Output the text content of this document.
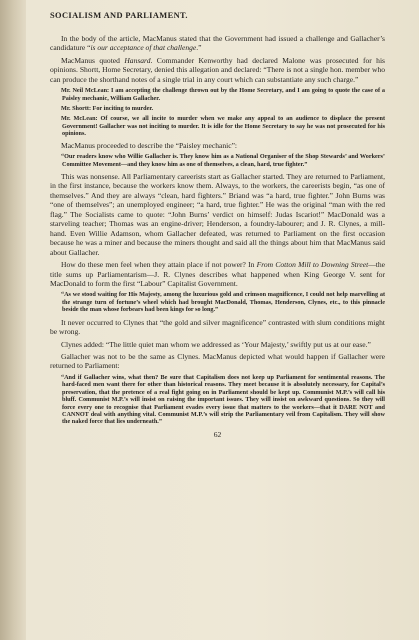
SOCIALISM AND PARLIAMENT.

In the body of the article, MacManus stated that the Government had issued a challenge and Gallacher’s candidature “is our acceptance of that challenge.”

MacManus quoted Hansard. Commander Kenworthy had declared Malone was prosecuted for his opinions. Shortt, Home Secretary, denied this allegation and declared: “There is not a single hon. member who can produce the shorthand notes of a single trial in any court which can substantiate any such charge.”

Mr. Neil McLean: I am accepting the challenge thrown out by the Home Secretary, and I am going to quote the case of a Paisley mechanic, William Gallacher.

Mr. Shortt: For inciting to murder.

Mr. McLean: Of course, we all incite to murder when we make any appeal to an audience to displace the present Government! Gallacher was not inciting to murder. It is idle for the Home Secretary to say he was not prosecuted for his opinions.

MacManus proceeded to describe the “Paisley mechanic”:

“Our readers know who Willie Gallacher is. They know him as a National Organiser of the Shop Stewards’ and Workers’ Committee Movement—and they know him as one of themselves, a clean, hard, true fighter.”

This was nonsense. All Parliamentary careerists start as Gallacher started. They are returned to Parliament, in the first instance, because the workers know them. Always, to the workers, the careerists begin, “as one of themselves.” And they are always “clean, hard fighters.” Briand was “a hard, true fighter.” John Burns was “one of themselves”; an unemployed engineer; “a hard, true fighter.” He was the original “man with the red flag.” The Socialists came to quote: “John Burns’ verdict on himself: Judas Iscariot!” MacDonald was a starveling teacher; Thomas was an engine-driver; Henderson, a foundry-labourer; and J. R. Clynes, a mill-hand. Even Willie Adamson, whom Gallacher defeated, was returned to Parliament on the first occasion because he was a miner and because the miners thought and said all the things about him that MacManus said about Gallacher.

How do these men feel when they attain place if not power? In From Cotton Mill to Downing Street—the title sums up Parliamentarism—J. R. Clynes describes what happened when King George V. sent for MacDonald to form the first “Labour” Capitalist Government.

“As we stood waiting for His Majesty, among the luxurious gold and crimson magnificence, I could not help marvelling at the strange turn of fortune’s wheel which had brought MacDonald, Thomas, Henderson, Clynes, etc., to this pinnacle beside the man whose forbears had been kings for so long.”

It never occurred to Clynes that “the gold and silver magnificence” contrasted with slum conditions might be wrong.

Clynes added: “The little quiet man whom we addressed as ‘Your Majesty,’ swiftly put us at our ease.”

Gallacher was not to be the same as Clynes. MacManus depicted what would happen if Gallacher were returned to Parliament:

“And if Gallacher wins, what then? Be sure that Capitalism does not keep up Parliament for sentimental reasons. The hard-faced men want there for other than historical reasons. They meet because it is absolutely necessary, for Capital’s preservation, that the pretence of a real fight going on in Parliament should be kept up. Communist M.P.’s will call his bluff. Communist M.P.’s will insist on raising the important issues. They will insist on awkward questions. So they will force every one to recognise that Parliament evades every issue that matters to the workers—that it DARE NOT and CANNOT deal with anything vital. Communist M.P.’s will strip the Parliamentary veil from Capitalism. They will show the naked force that lies underneath.”

62
